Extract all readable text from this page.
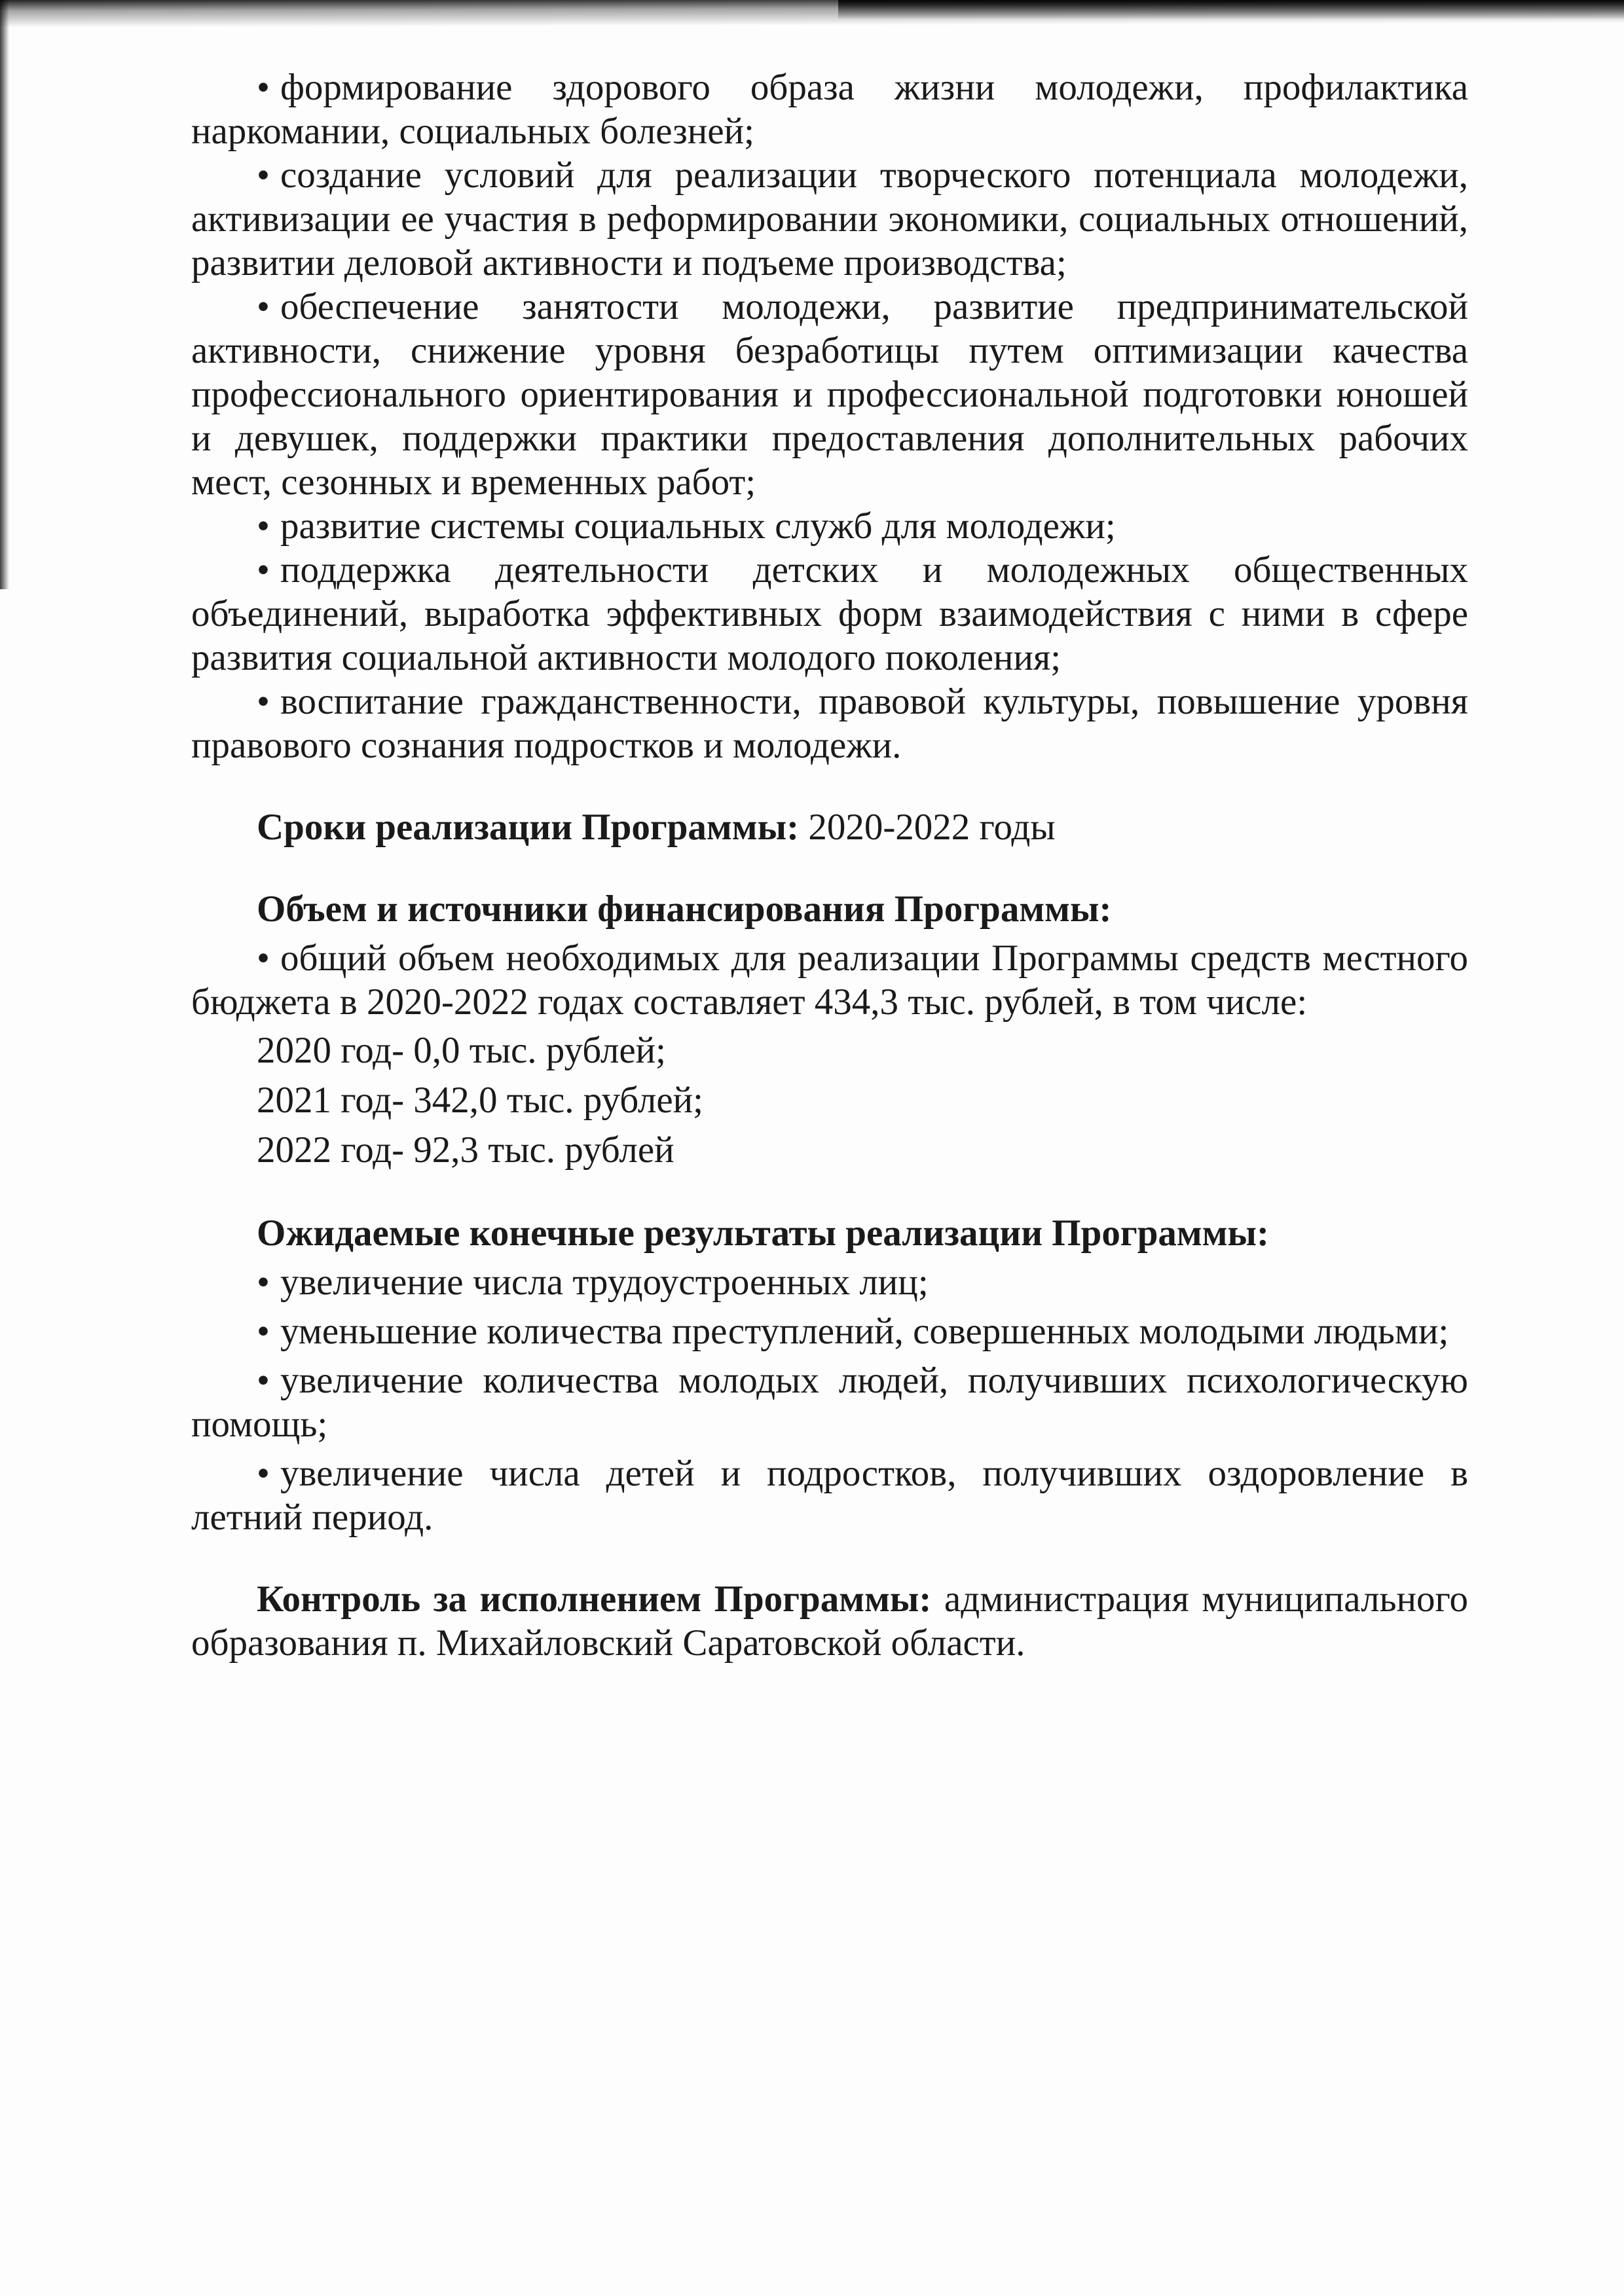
• формирование здорового образа жизни молодежи, профилактика наркомании, социальных болезней;

• создание условий для реализации творческого потенциала молодежи, активизации ее участия в реформировании экономики, социальных отношений, развитии деловой активности и подъеме производства;

• обеспечение занятости молодежи, развитие предпринимательской активности, снижение уровня безработицы путем оптимизации качества профессионального ориентирования и профессиональной подготовки юношей и девушек, поддержки практики предоставления дополнительных рабочих мест, сезонных и временных работ;

• развитие системы социальных служб для молодежи;

• поддержка деятельности детских и молодежных общественных объединений, выработка эффективных форм взаимодействия с ними в сфере развития социальной активности молодого поколения;

• воспитание гражданственности, правовой культуры, повышение уровня правового сознания подростков и молодежи.

Сроки реализации Программы: 2020-2022 годы

Объем и источники финансирования Программы:

• общий объем необходимых для реализации Программы средств местного бюджета в 2020-2022 годах составляет 434,3 тыс. рублей, в том числе:

2020 год- 0,0 тыс. рублей;

2021 год- 342,0 тыс. рублей;

2022 год- 92,3 тыс. рублей

Ожидаемые конечные результаты реализации Программы:

• увеличение числа трудоустроенных лиц;

• уменьшение количества преступлений, совершенных молодыми людьми;

• увеличение количества молодых людей, получивших психологическую помощь;

• увеличение числа детей и подростков, получивших оздоровление в летний период.

Контроль за исполнением Программы: администрация муниципального образования п. Михайловский Саратовской области.
